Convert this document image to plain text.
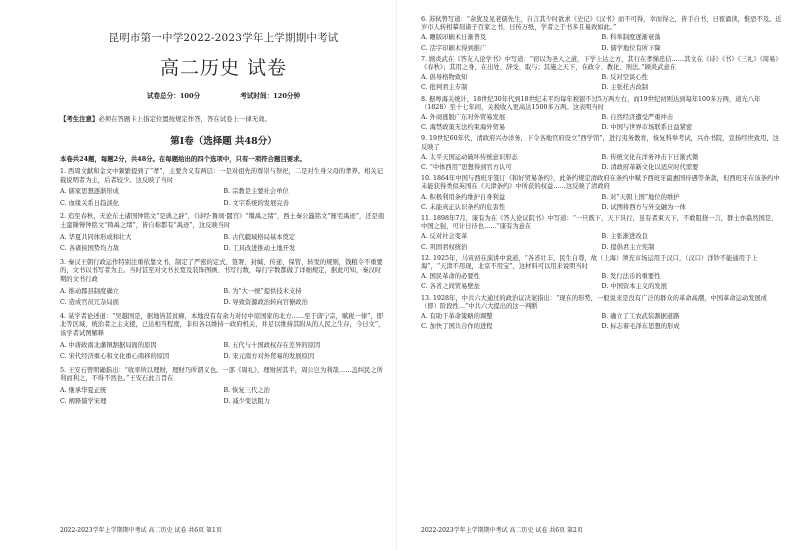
昆明市第一中学2022-2023学年上学期期中考试
高二历史 试卷
试卷总分：100分	考试时间：120分钟
【考生注意】必须在答题卡上指定位置按规定作答，答在试卷上一律无效。
第Ⅰ卷（选择题 共48分）
本卷共24题，每题2分，共48分。在每题给出的四个选项中，只有一项符合题目要求。

1. 西周文献和金文中频繁提到了“孝”，主要含义有两层：一是对祖先的尊崇与祭祀，二是对生身父母的孝养。相关记载说明者为主，后者较少。这反映了当时

A. 儒家思想逐渐形成	B. 宗教是主要社会单位
C. 血缘关系日趋淡化	D. 文字系统的发展完善

2. 追至春秋，无论东土诸国钟铭文“是典之辟”，《诗经·鲁颂·閟宫》“缵禹之绪”，西土秦公簋铭文“鼏宅禹迹”，还是南土蛮陲镈钟铭文“铸禹之绪”，皆自称都有“禹迹”，这反映当时

A. 华夏共同体形成和壮大	B. 古代疆域格局基本奠定
C. 各诸侯国势均力敌	D. 工具改进推动土地开发

3. 秦汉王朝行政运作特别注重依靠文书，制定了严密的定式、签署、封缄、传递、保管、转发的规则，钱粮令不重要的，文书以书写者为主。当时甚至对文书长宽及装饰图画、书写行数，每行字数都做了详细规定，据此可知，秦汉时期的文书行政

A. 推动郡县制度确立	B. 为“大一统”提供技术支持
C. 造成官员冗杂局面	D. 导致资源政治转向官僚政治

4. 某学者论述道：“吴越国是，据地皆甚贫瘠，本地没有有余力对付中原国家的北方……至于唐宁宗，赋税一律”，即北等区域，统治者之主支援，已达相当程度，非但各以维持一政府机关，并足以维持其附从的人民之生存，今日文”，该学者试图解释

A. 中唐政南北藩镇割据局面的原因	B. 五代与十国政权存在差异的原因
C. 宋代经济重心和文化重心南移的原因	D. 宋元南方对外贸易的发展原因

5. 王安石曾明确指出：“收率所以理财，理财乃所谓义也。一部《周礼》，理财居其半，周公岂为利哉……盖纠民之所利而利之，不得不然也。”王安石此言旨在

A. 继承华夏正统	B. 恢复三代之治
C. 阐释儒学宋理	D. 减少变法阻力
2022-2023学年上学期期中考试 高二历史 试卷 共6页 第1页

6. 苏轼曾写道：“余犹及见老儒先生，自言其少时欲求《史记》《汉书》而不可得，幸而得之，皆手自书，日夜诵读，惟恐不及。近岁市人转相摹刻诸子百家之书，日传万纸，学者之于书多且易致如此。”

A. 雕版印刷术日渐普及	B. 科举制度逐渐衰落
C. 活字印刷术得到推广	D. 儒学地位有所下降

7. 顾炎武在《答友人论学书》中写道：“窃以为圣人之道，下学上达之方，其行在孝悌忠信……其文在《诗》《书》《三礼》《周易》《春秋》；其用之身，在出处、辞受、取与；其施之天下，在政令、教化、刑法。”顾炎武意在

A. 倡导格物致知	B. 反对空谈心性
C. 批判君主专制	D. 主张托古改制

8. 据粤海关统计，18世纪30年代到18世纪末平均每年税银不过5万两左右，而19世纪初则达到每年100多万两，道光八年（1828）至十七年间，关税收入更高达1500多万两。这表明当时

A. 外商逃脱广东对外贸易发展	B. 自然经济遭受严重冲击
C. 海禁政策无法约束海外贸易	D. 中国与世界市场联系日益紧密

9. 19世纪60年代，清政府兴办洋务，下令各地官府设立“西学馆”，进行夷务教育，恢复科举考试，兴办书院，宣扬经世致用，这反映了

A. 太平天国运动破坏传统意识形态	B. 传统文化在洋务冲击下日渐式微
C. “中体西用”思想得到官方认可	D. 清政府革新文化以适应时代需要

10. 1864年中国与西班牙签订《和好贸易条约》，此条约规定清政府在条约中赋予西班牙最惠国待遇等条款，但西班牙在该条约中未能获得类似英国在《天津条约》中所获的权益……这反映了清政府

A. 积极利用条约维护自身利益	B. 对“天朝上国”地位的维护
C. 未能真正认识条约的危害性	D. 试图将西方与外交融为一体

11. 1898年7月，康有为在《答人论议院书》中写道：“一旦既下，天下具行，虽有者束天下，不敢阻挠一言，群士亦翕然国是，中国之强，可计日待也……”康有为意在

A. 反对社会变革	B. 主张渐进改良
C. 巩固君权统治	D. 提倡君主立宪制

12. 1925年，马寅初在演讲中说道，“各省壮丰，民生自尊，故（上海）须充市场运用于汉口，（汉口）洋钞不能通用于上海”，“天津不用现，北京不用宝”，这材料可以用来说明当时

A. 国民革命的必要性	B. 发行法币的重要性
C. 各省之间贸易壁垒	D. 中国资本主义的发展

13. 1928年，中共六大通过的政治议决案指出：“现在的形势，一般说来是没有广泛的群众的革命高潮，中国革命运动发展成（即）阶段性…”中共六大提出的这一判断

A. 有助于革命策略的调整	B. 确立了工农武装割据道路
C. 加快了国共合作的进程	D. 标志着毛泽东思想的形成
2022-2023学年上学期期中考试 高二历史 试卷 共6页 第2页
